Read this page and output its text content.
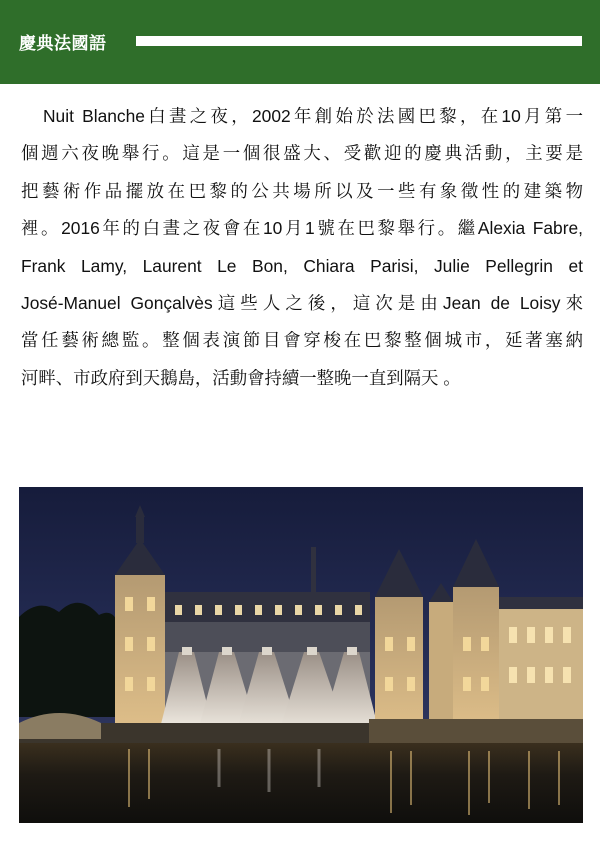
慶典法國語
Nuit Blanche白晝之夜，2002年創始於法國巴黎，在10月第一
個週六夜晚舉行。這是一個很盛大、受歡迎的慶典活動，主要是
把藝術作品擺放在巴黎的公共場所以及一些有象徵性的建築物
裡。2016年的白晝之夜會在10月1號在巴黎舉行。繼Alexia Fabre,
Frank Lamy, Laurent Le Bon, Chiara Parisi, Julie Pellegrin et
José-Manuel Gonçalvès這些人之後，這次是由Jean de Loisy來
當任藝術總監。整個表演節目會穿梭在巴黎整個城市，延著塞納
河畔、市政府到天鵝島，活動會持續一整晚一直到隔天 。
